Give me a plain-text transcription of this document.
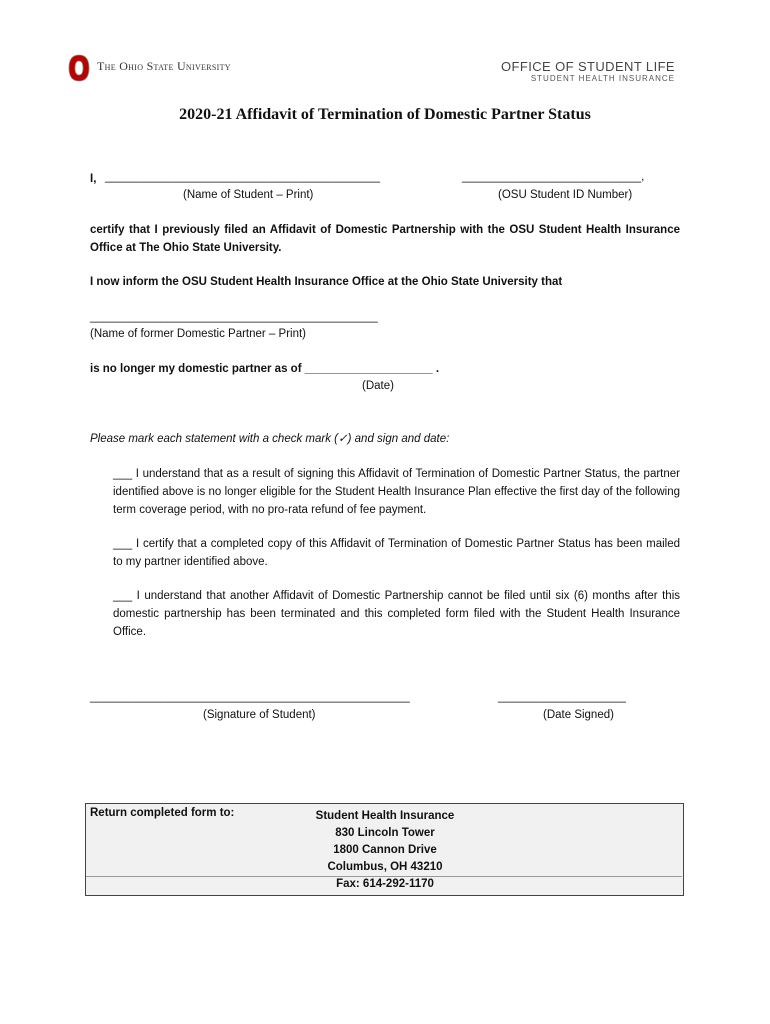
The Ohio State University	OFFICE OF STUDENT LIFE
STUDENT HEALTH INSURANCE
2020-21 Affidavit of Termination of Domestic Partner Status
I, ___________________________________________	____________________________,
(Name of Student – Print)	(OSU Student ID Number)
certify that I previously filed an Affidavit of Domestic Partnership with the OSU Student Health Insurance Office at The Ohio State University.
I now inform the OSU Student Health Insurance Office at the Ohio State University that
_____________________________________________
(Name of former Domestic Partner – Print)
is no longer my domestic partner as of ____________________ .
(Date)
Please mark each statement with a check mark (✓) and sign and date:
___ I understand that as a result of signing this Affidavit of Termination of Domestic Partner Status, the partner identified above is no longer eligible for the Student Health Insurance Plan effective the first day of the following term coverage period, with no pro-rata refund of fee payment.
___ I certify that a completed copy of this Affidavit of Termination of Domestic Partner Status has been mailed to my partner identified above.
___ I understand that another Affidavit of Domestic Partnership cannot be filed until six (6) months after this domestic partnership has been terminated and this completed form filed with the Student Health Insurance Office.
__________________________________________________	____________________
(Signature of Student)	(Date Signed)
Return completed form to:	Student Health Insurance
830 Lincoln Tower
1800 Cannon Drive
Columbus, OH 43210
Fax: 614-292-1170
